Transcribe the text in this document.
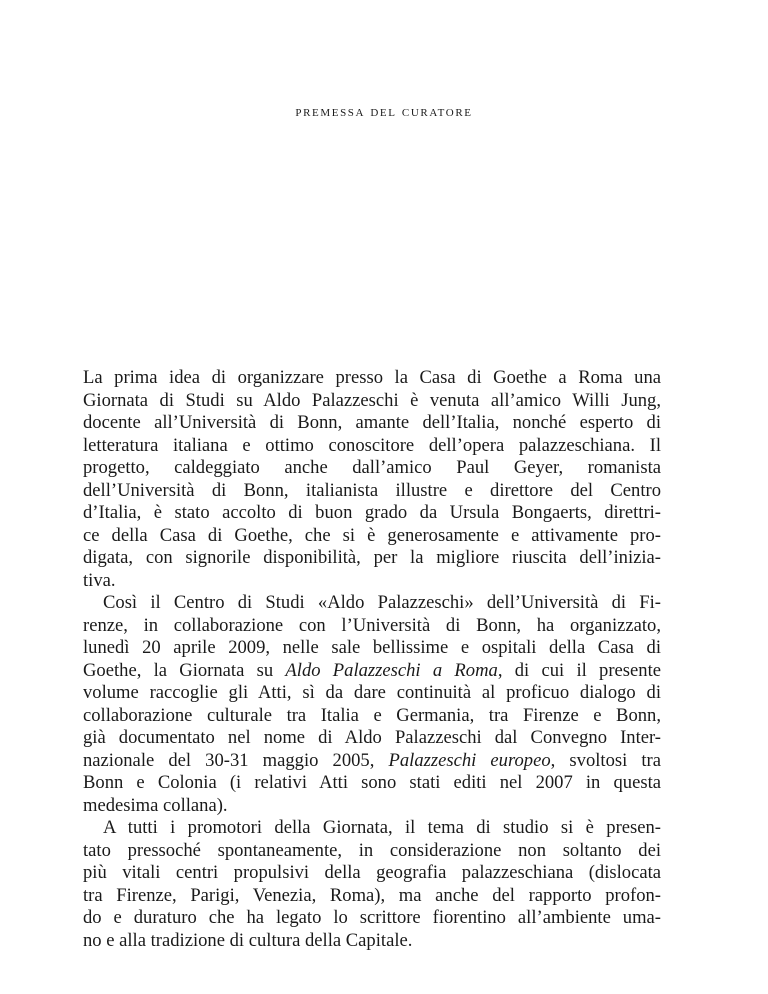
premessa del curatore
La prima idea di organizzare presso la Casa di Goethe a Roma una
Giornata di Studi su Aldo Palazzeschi è venuta all’amico Willi Jung,
docente all’Università di Bonn, amante dell’Italia, nonché esperto di
letteratura italiana e ottimo conoscitore dell’opera palazzeschiana. Il
progetto, caldeggiato anche dall’amico Paul Geyer, romanista
dell’Università di Bonn, italianista illustre e direttore del Centro
d’Italia, è stato accolto di buon grado da Ursula Bongaerts, direttri-
ce della Casa di Goethe, che si è generosamente e attivamente pro-
digata, con signorile disponibilità, per la migliore riuscita dell’inizia-
tiva.
Così il Centro di Studi «Aldo Palazzeschi» dell’Università di Fi-
renze, in collaborazione con l’Università di Bonn, ha organizzato,
lunedì 20 aprile 2009, nelle sale bellissime e ospitali della Casa di
Goethe, la Giornata su Aldo Palazzeschi a Roma, di cui il presente
volume raccoglie gli Atti, sì da dare continuità al proficuo dialogo di
collaborazione culturale tra Italia e Germania, tra Firenze e Bonn,
già documentato nel nome di Aldo Palazzeschi dal Convegno Inter-
nazionale del 30-31 maggio 2005, Palazzeschi europeo, svoltosi tra
Bonn e Colonia (i relativi Atti sono stati editi nel 2007 in questa
medesima collana).
A tutti i promotori della Giornata, il tema di studio si è presen-
tato pressoché spontaneamente, in considerazione non soltanto dei
più vitali centri propulsivi della geografia palazzeschiana (dislocata
tra Firenze, Parigi, Venezia, Roma), ma anche del rapporto profon-
do e duraturo che ha legato lo scrittore fiorentino all’ambiente uma-
no e alla tradizione di cultura della Capitale.
